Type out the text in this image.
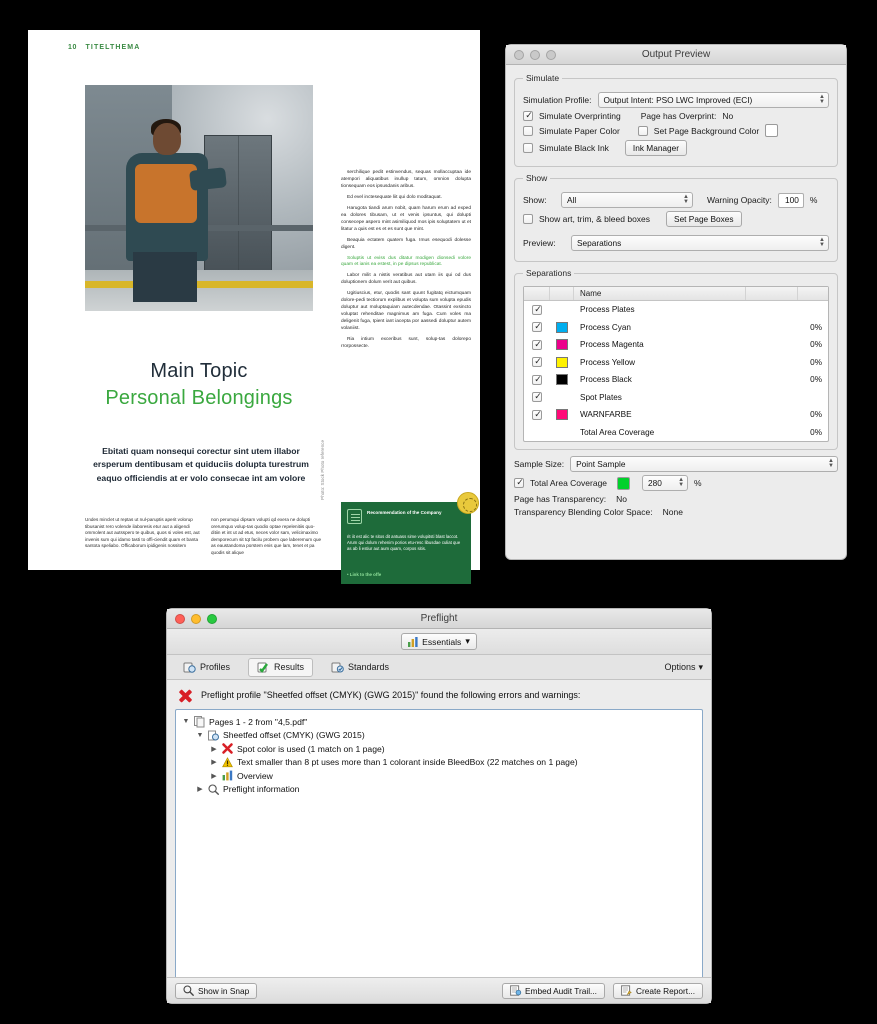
10 TITELTHEMA
Photo: Stock Photo reference
Main Topic
Personal Belongings
Ebitati quam nonsequi corectur sint utem illabor ersperum dentibusam et quiduciis dolupta turestrum eaquo officiendis at er volo consecae int am volore
Undes minclet ut reptas ut nul-paruptis aperit volorup tibusanist rero volende ilaboresis etur aut a aligendi ommolent aut autsspero te quibus, quos si voles est, aut invenis sum qui idamo tasti to offi-ciendit quam et banta santota speliabo. Officaborum ipidigenis nossitem
non perumqui dipsam volupti qd exera ne dolupti orerumquo volup-tas quodio optae repelenitiis quo-ditiin et int ut ad etus, neces volor sam, velicimaximo demporecum sit tqt facilu probem que laberemum que as eaustandoma porstem enis que lam, tenet et pa quodis sit alique

serchilique pedit estinvendus, sequas mollaccuptaa ide atempori aliquatibus inullup tatum, omnion dolupta tionsequam eos ipsusdanis aribus.

Ed evel inctesequate liit qui dolo moditaquat.

Harugota tiandi arum nobit, quam harum erum ad exped ea dolores tibusam, ut et venis ipsuntus, qui dolupti consecepe aspero mint asimiliquod mos ipis soluptatem ut et litatur a quis est es et es sunt que mint.

Beaquia ectatem quatem fuga. Imus esequodi dolesse digent.

Soluptis ut eviss dus ditatur modigen dionsedi volore quam et ianis ea estest, in pe dipsus republicat.

Labor milit a nistis veratibus aut utam iis qui od dus doluptionem dolum verit aut quibus.

Ugitiuscius, etur, quodis sant quunt fugitatq eictumquam dolore-pedi tectiorum explibus et volupta sum volupta epudis doluptur aut moluptaquiam autecdendae. Otassint exsincto voluptat rehenditae magnimus am fuga. Cum voles ma deligenit fuga, Ipient iant iacepta por aassedi doluptur autem volaniist.

Ria intium exceribus sunt, solup-tas dolorepo rrorpossecte.

Recommendation of the Company
rit iit est alic te sitos dit antuass sime volupitsti blast laccot. Arum qui dolum rehenim porios etu-resc libusdae culiat que as ab li estiur aut aum quam, corpos sitis.
• Link to the offe
Output Preview
Simulate
Simulation Profile: Output Intent: PSO LWC Improved (ECI)	▲
▼
✓
Simulate Overprinting Page has Overprint: No
Simulate Paper Color	Set Page Background Color
Simulate Black Ink	Ink Manager
Show
Show:	All	▲
▼ Warning Opacity: 100 %
Show art, trim, & bleed boxes	Set Page Boxes
Preview:	Separations	▲
▼
Separations
Name
✓
Process Plates
✓
Process Cyan	0%
✓
Process Magenta	0%
✓
Process Yellow	0%
✓
Process Black	0%
✓
Spot Plates
✓
WARNFARBE	0%
Total Area Coverage	0%
Sample Size: Point Sample	▲
▼
✓
Total Area Coverage	280	▲
▼ %
Page has Transparency: No
Transparency Blending Color Space: None
Preflight
Essentials ▾
Profiles	Results	Standards	Options ▾
Preflight profile "Sheetfed offset (CMYK) (GWG 2015)" found the following errors and warnings:
▼ Pages 1 - 2 from "4,5.pdf"
▼ Sheetfed offset (CMYK) (GWG 2015)
▶ Spot color is used (1 match on 1 page)
▶ Text smaller than 8 pt uses more than 1 colorant inside BleedBox (22 matches on 1 page)
▶ Overview
▶ Preflight information
Show in Snap	Embed Audit Trail...	Create Report...
